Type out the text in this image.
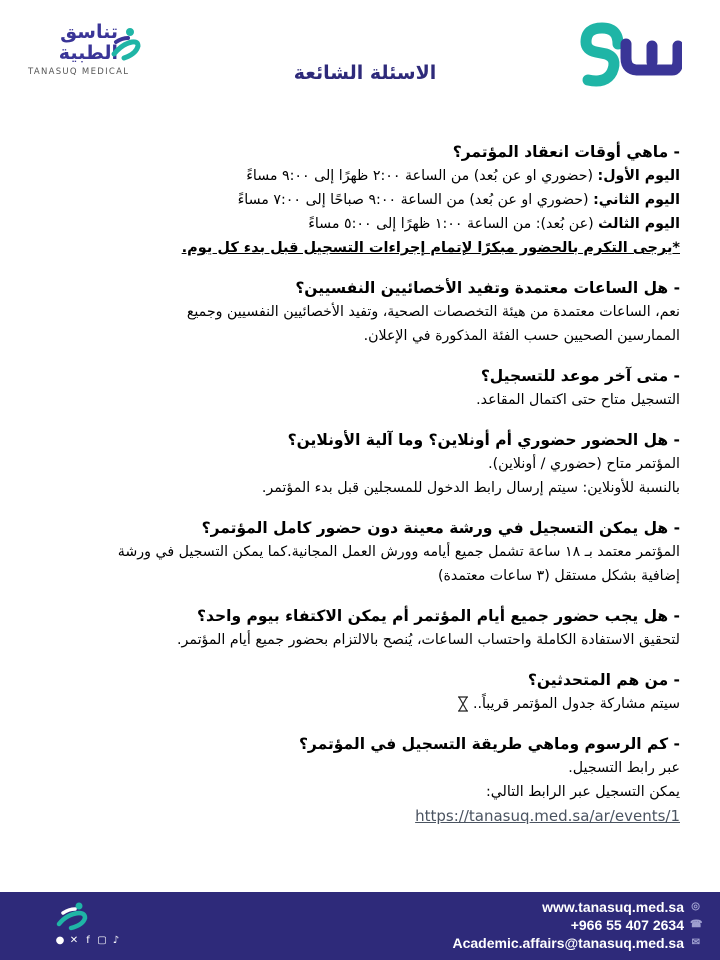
تناسق
الطبية
TANASUQ MEDICAL	الاسئلة الشائعة

- ماهي أوقات انعقاد المؤتمر؟

اليوم الأول: (حضوري او عن بُعد) من الساعة ٢:٠٠ ظهرًا إلى ٩:٠٠ مساءً

اليوم الثاني: (حضوري او عن بُعد) من الساعة ٩:٠٠ صباحًا إلى ٧:٠٠ مساءً

اليوم الثالث (عن بُعد): من الساعة ١:٠٠ ظهرًا إلى ٥:٠٠ مساءً

*يرجى التكرم بالحضور مبكرًا لإتمام إجراءات التسجيل قبل بدء كل يوم.

- هل الساعات معتمدة وتفيد الأخصائيين النفسيين؟

نعم، الساعات معتمدة من هيئة التخصصات الصحية، وتفيد الأخصائيين النفسيين وجميع

الممارسين الصحيين حسب الفئة المذكورة في الإعلان.

- متى آخر موعد للتسجيل؟

التسجيل متاح حتى اكتمال المقاعد.

- هل الحضور حضوري أم أونلاين؟ وما آلية الأونلاين؟

المؤتمر متاح (حضوري / أونلاين).

بالنسبة للأونلاين: سيتم إرسال رابط الدخول للمسجلين قبل بدء المؤتمر.

- هل يمكن التسجيل في ورشة معينة دون حضور كامل المؤتمر؟

المؤتمر معتمد بـ ١٨ ساعة تشمل جميع أيامه وورش العمل المجانية.كما يمكن التسجيل في ورشة

إضافية بشكل مستقل (٣ ساعات معتمدة)

- هل يجب حضور جميع أيام المؤتمر أم يمكن الاكتفاء بيوم واحد؟

لتحقيق الاستفادة الكاملة واحتساب الساعات، يُنصح بالالتزام بحضور جميع أيام المؤتمر.

- من هم المتحدثين؟

سيتم مشاركة جدول المؤتمر قريباً..

- كم الرسوم وماهي طريقة التسجيل في المؤتمر؟

عبر رابط التسجيل.

يمكن التسجيل عبر الرابط التالي:

https://tanasuq.med.sa/ar/events/1
● ✕ f ▢ ♪
www.tanasuq.med.sa ◎
+966 55 407 2634 ☎
Academic.affairs@tanasuq.med.sa ✉
